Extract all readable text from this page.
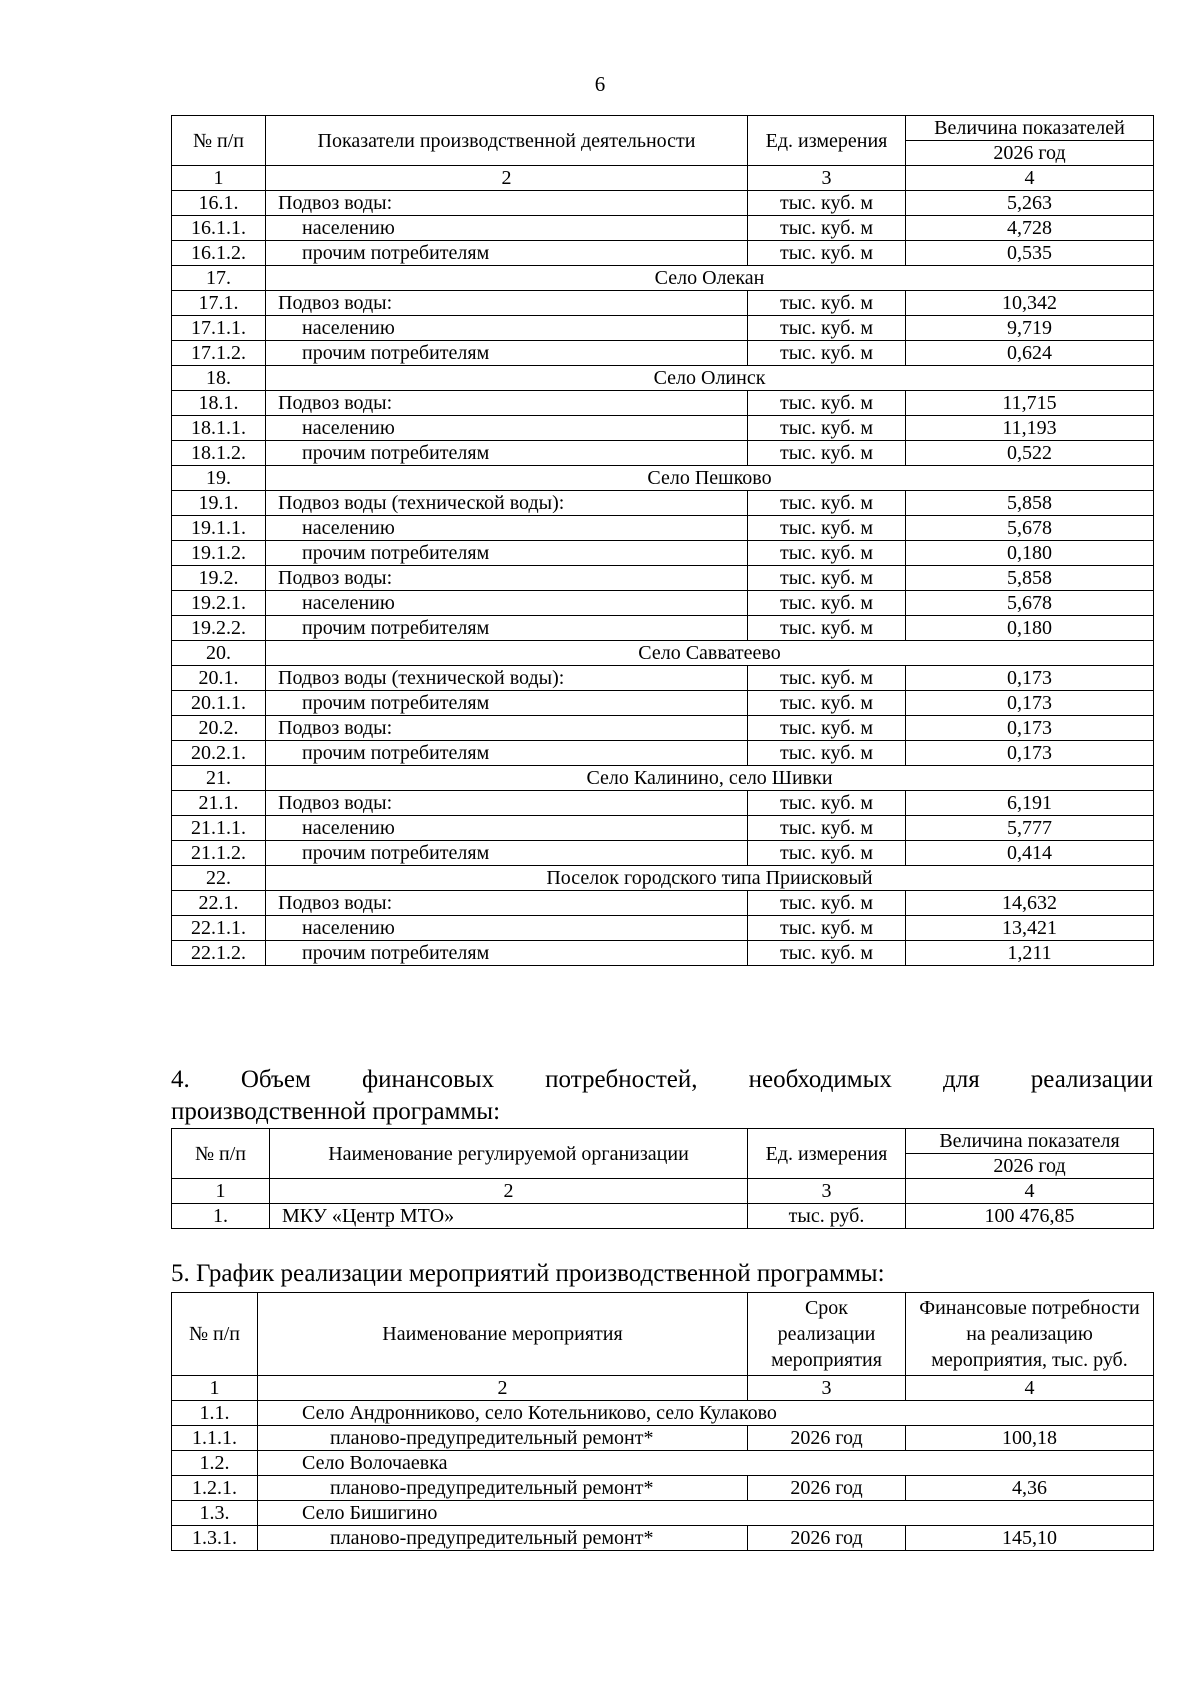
6
№ п/п	Показатели производственной деятельности	Ед. измерения	Величина показателей
			2026 год
1	2	3	4
16.1.	Подвоз воды:	тыс. куб. м	5,263
16.1.1.	населению	тыс. куб. м	4,728
16.1.2.	прочим потребителям	тыс. куб. м	0,535
17.	Село Олекан		
17.1.	Подвоз воды:	тыс. куб. м	10,342
17.1.1.	населению	тыс. куб. м	9,719
17.1.2.	прочим потребителям	тыс. куб. м	0,624
18.	Село Олинск		
18.1.	Подвоз воды:	тыс. куб. м	11,715
18.1.1.	населению	тыс. куб. м	11,193
18.1.2.	прочим потребителям	тыс. куб. м	0,522
19.	Село Пешково		
19.1.	Подвоз воды (технической воды):	тыс. куб. м	5,858
19.1.1.	населению	тыс. куб. м	5,678
19.1.2.	прочим потребителям	тыс. куб. м	0,180
19.2.	Подвоз воды:	тыс. куб. м	5,858
19.2.1.	населению	тыс. куб. м	5,678
19.2.2.	прочим потребителям	тыс. куб. м	0,180
20.	Село Савватеево		
20.1.	Подвоз воды (технической воды):	тыс. куб. м	0,173
20.1.1.	прочим потребителям	тыс. куб. м	0,173
20.2.	Подвоз воды:	тыс. куб. м	0,173
20.2.1.	прочим потребителям	тыс. куб. м	0,173
21.	Село Калинино, село Шивки		
21.1.	Подвоз воды:	тыс. куб. м	6,191
21.1.1.	населению	тыс. куб. м	5,777
21.1.2.	прочим потребителям	тыс. куб. м	0,414
22.	Поселок городского типа Приисковый		
22.1.	Подвоз воды:	тыс. куб. м	14,632
22.1.1.	населению	тыс. куб. м	13,421
22.1.2.	прочим потребителям	тыс. куб. м	1,211
4. Объем финансовых потребностей, необходимых для реализации
производственной программы:
№ п/п	Наименование регулируемой организации	Ед. измерения	Величина показателя
			2026 год
1	2	3	4
1.	МКУ «Центр МТО»	тыс. руб.	100 476,85
5. График реализации мероприятий производственной программы:
№ п/п	Наименование мероприятия	Срок реализации мероприятия	Финансовые потребности на реализацию мероприятия, тыс. руб.
1	2	3	4
1.1.	Село Андронниково, село Котельниково, село Кулаково		
1.1.1.	планово-предупредительный ремонт*	2026 год	100,18
1.2.	Село Волочаевка		
1.2.1.	планово-предупредительный ремонт*	2026 год	4,36
1.3.	Село Бишигино		
1.3.1.	планово-предупредительный ремонт*	2026 год	145,10
